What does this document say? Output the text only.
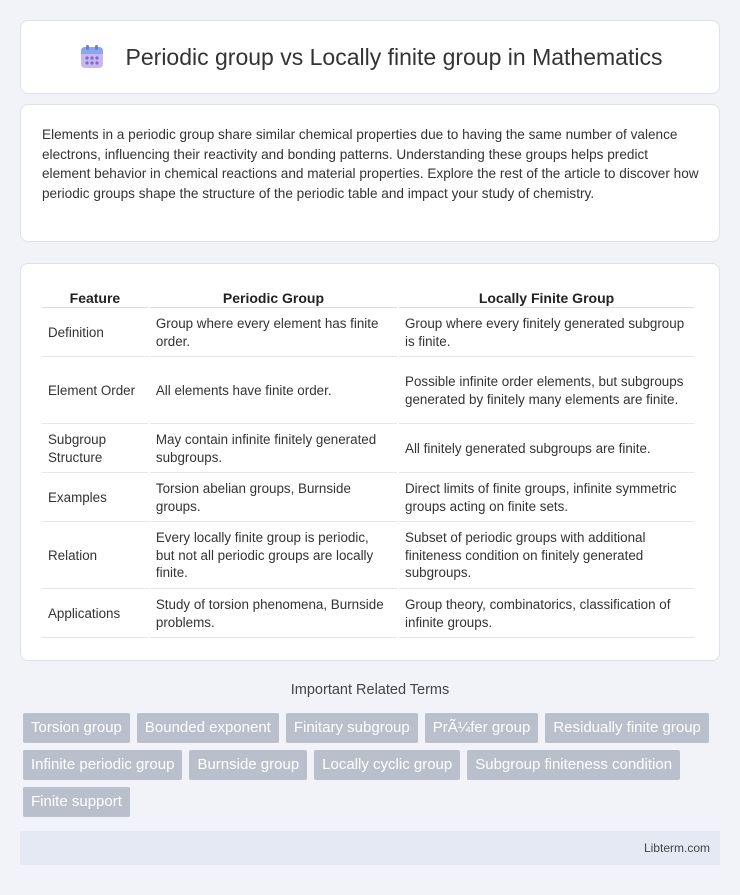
Periodic group vs Locally finite group in Mathematics

Elements in a periodic group share similar chemical properties due to having the same number of valence electrons, influencing their reactivity and bonding patterns. Understanding these groups helps predict element behavior in chemical reactions and material properties. Explore the rest of the article to discover how periodic groups shape the structure of the periodic table and impact your study of chemistry.

Feature	Periodic Group	Locally Finite Group
Definition	Group where every element has finite order.	Group where every finitely generated subgroup is finite.
Element Order	All elements have finite order.	Possible infinite order elements, but subgroups generated by finitely many elements are finite.
Subgroup Structure	May contain infinite finitely generated subgroups.	All finitely generated subgroups are finite.
Examples	Torsion abelian groups, Burnside groups.	Direct limits of finite groups, infinite symmetric groups acting on finite sets.
Relation	Every locally finite group is periodic, but not all periodic groups are locally finite.	Subset of periodic groups with additional finiteness condition on finitely generated subgroups.
Applications	Study of torsion phenomena, Burnside problems.	Group theory, combinatorics, classification of infinite groups.
Important Related Terms
Torsion group	Bounded exponent	Finitary subgroup	PrÃ¼fer group	Residually finite group
Infinite periodic group	Burnside group	Locally cyclic group	Subgroup finiteness condition
Finite support
Libterm.com
